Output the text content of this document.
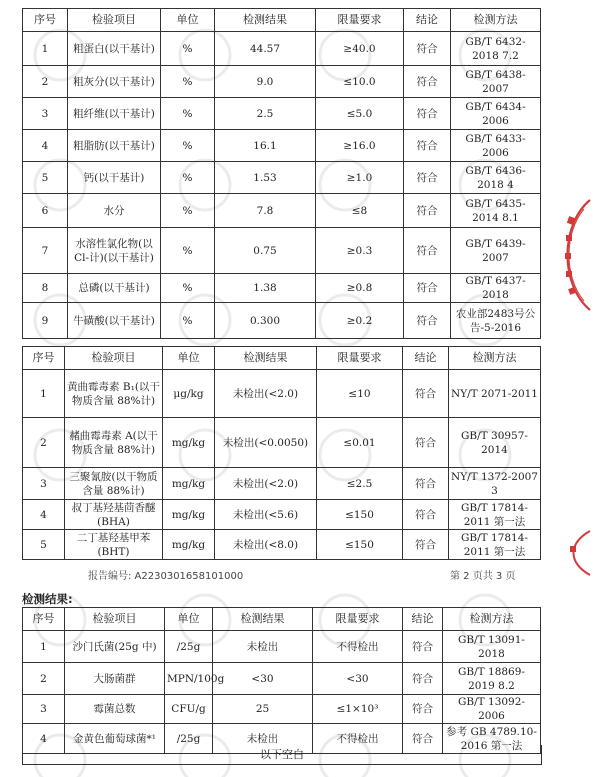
序号	检验项目	单位	检测结果	限量要求	结论	检测方法
1	粗蛋白(以干基计)	%	44.57	≥40.0	符合	GB/T 6432-2018 7.2
2	粗灰分(以干基计)	%	9.0	≤10.0	符合	GB/T 6438-2007
3	粗纤维(以干基计)	%	2.5	≤5.0	符合	GB/T 6434-2006
4	粗脂肪(以干基计)	%	16.1	≥16.0	符合	GB/T 6433-2006
5	钙(以干基计)	%	1.53	≥1.0	符合	GB/T 6436-2018 4
6	水分	%	7.8	≤8	符合	GB/T 6435-2014 8.1
7	水溶性氯化物(以Cl-计)(以干基计)	%	0.75	≥0.3	符合	GB/T 6439-2007
8	总磷(以干基计)	%	1.38	≥0.8	符合	GB/T 6437-2018
9	牛磺酸(以干基计)	%	0.300	≥0.2	符合	农业部2483号公告-5-2016
序号	检验项目	单位	检测结果	限量要求	结论	检测方法
1	黄曲霉毒素 B₁(以干物质含量 88%计)	μg/kg	未检出(<2.0)	≤10	符合	NY/T 2071-2011
2	赭曲霉毒素 A(以干物质含量 88%计)	mg/kg	未检出(<0.0050)	≤0.01	符合	GB/T 30957-2014
3	三聚氰胺(以干物质含量 88%计)	mg/kg	未检出(<2.0)	≤2.5	符合	NY/T 1372-2007 3
4	叔丁基羟基茴香醚(BHA)	mg/kg	未检出(<5.6)	≤150	符合	GB/T 17814-2011 第一法
5	二丁基羟基甲苯(BHT)	mg/kg	未检出(<8.0)	≤150	符合	GB/T 17814-2011 第一法
报告编号: A2230301658101000	第 2 页共 3 页
检测结果:
序号	检验项目	单位	检测结果	限量要求	结论	检测方法
1	沙门氏菌(25g 中)	/25g	未检出	不得检出	符合	GB/T 13091-2018
2	大肠菌群	MPN/100g	<30	<30	符合	GB/T 18869-2019 8.2
3	霉菌总数	CFU/g	25	≤1×10³	符合	GB/T 13092-2006
4	金黄色葡萄球菌*¹	/25g	未检出	不得检出	符合	参考 GB 4789.10-2016 第一法
以下空白
